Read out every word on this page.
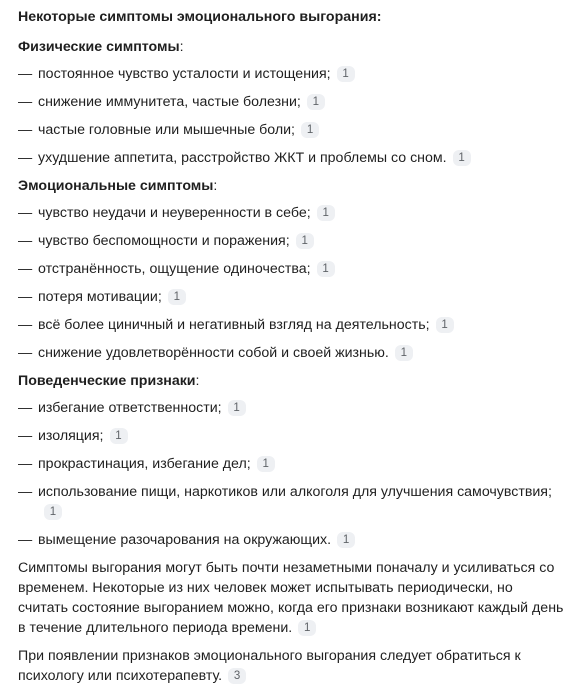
Некоторые симптомы эмоционального выгорания:
Физические симптомы:
— постоянное чувство усталости и истощения; 1
— снижение иммунитета, частые болезни; 1
— частые головные или мышечные боли; 1
— ухудшение аппетита, расстройство ЖКТ и проблемы со сном. 1
Эмоциональные симптомы:
— чувство неудачи и неуверенности в себе; 1
— чувство беспомощности и поражения; 1
— отстранённость, ощущение одиночества; 1
— потеря мотивации; 1
— всё более циничный и негативный взгляд на деятельность; 1
— снижение удовлетворённости собой и своей жизнью. 1
Поведенческие признаки:
— избегание ответственности; 1
— изоляция; 1
— прокрастинация, избегание дел; 1
— использование пищи, наркотиков или алкоголя для улучшения самочувствия;1
— вымещение разочарования на окружающих. 1

Симптомы выгорания могут быть почти незаметными поначалу и усиливаться со временем. Некоторые из них человек может испытывать периодически, но считать состояние выгоранием можно, когда его признаки возникают каждый день в течение длительного периода времени. 1

При появлении признаков эмоционального выгорания следует обратиться к психологу или психотерапевту. 3
